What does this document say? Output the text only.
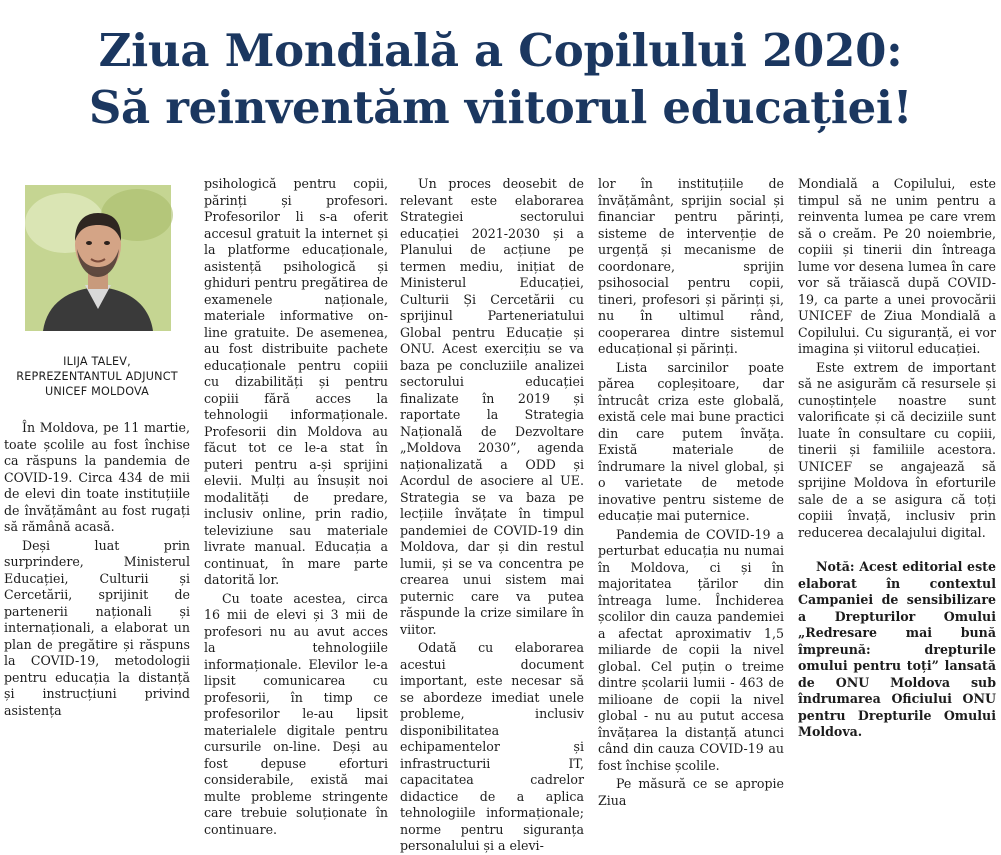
Ziua Mondială a Copilului 2020:
Să reinventăm viitorul educației!
ILIJA TALEV,
REPREZENTANTUL ADJUNCT
UNICEF MOLDOVA

În Moldova, pe 11 martie, toate școlile au fost închise ca răspuns la pandemia de COVID-19. Circa 434 de mii de elevi din toate instituțiile de învățământ au fost rugați să rămână acasă.

Deși luat prin surprindere, Ministerul Educației, Culturii și Cercetării, sprijinit de partenerii naționali și internaționali, a elaborat un plan de pregătire și răspuns la COVID-19, metodologii pentru educația la distanță și instrucțiuni privind asistența

psihologică pentru copii, părinți și profesori. Profesorilor li s-a oferit accesul gratuit la internet și la platforme educaționale, asistență psihologică și ghiduri pentru pregătirea de examenele naționale, materiale informative on-line gratuite. De asemenea, au fost distribuite pachete educaționale pentru copiii cu dizabilități și pentru copiii fără acces la tehnologii informaționale. Profesorii din Moldova au făcut tot ce le-a stat în puteri pentru a-și sprijini elevii. Mulți au însușit noi modalități de predare, inclusiv online, prin radio, televiziune sau materiale livrate manual. Educația a continuat, în mare parte datorită lor.

Cu toate acestea, circa 16 mii de elevi și 3 mii de profesori nu au avut acces la tehnologiile informaționale. Elevilor le-a lipsit comunicarea cu profesorii, în timp ce profesorilor le-au lipsit materialele digitale pentru cursurile on-line. Deși au fost depuse eforturi considerabile, există mai multe probleme stringente care trebuie soluționate în continuare.

Un proces deosebit de relevant este elaborarea Strategiei sectorului educației 2021-2030 și a Planului de acțiune pe termen mediu, inițiat de Ministerul Educației, Culturii Și Cercetării cu sprijinul Parteneriatului Global pentru Educație și ONU. Acest exercițiu se va baza pe concluziile analizei sectorului educației finalizate în 2019 și raportate la Strategia Națională de Dezvoltare „Moldova 2030”, agenda naționalizată a ODD și Acordul de asociere al UE. Strategia se va baza pe lecțiile învățate în timpul pandemiei de COVID-19 din Moldova, dar și din restul lumii, și se va concentra pe crearea unui sistem mai puternic care va putea răspunde la crize similare în viitor.

Odată cu elaborarea acestui document important, este necesar să se abordeze imediat unele probleme, inclusiv disponibilitatea echipamentelor și infrastructurii IT, capacitatea cadrelor didactice de a aplica tehnologiile informaționale; norme pentru siguranța personalului și a elevi-

lor în instituțiile de învățământ, sprijin social și financiar pentru părinți, sisteme de intervenție de urgență și mecanisme de coordonare, sprijin psihosocial pentru copii, tineri, profesori și părinți și, nu în ultimul rând, cooperarea dintre sistemul educațional și părinți.

Lista sarcinilor poate părea copleșitoare, dar întrucât criza este globală, există cele mai bune practici din care putem învăța. Există materiale de îndrumare la nivel global, și o varietate de metode inovative pentru sisteme de educație mai puternice.

Pandemia de COVID-19 a perturbat educația nu numai în Moldova, ci și în majoritatea țărilor din întreaga lume. Închiderea școlilor din cauza pandemiei a afectat aproximativ 1,5 miliarde de copii la nivel global. Cel puțin o treime dintre școlarii lumii - 463 de milioane de copii la nivel global - nu au putut accesa învățarea la distanță atunci când din cauza COVID-19 au fost închise școlile.

Pe măsură ce se apropie Ziua

Mondială a Copilului, este timpul să ne unim pentru a reinventa lumea pe care vrem să o creăm. Pe 20 noiembrie, copiii și tinerii din întreaga lume vor desena lumea în care vor să trăiască după COVID-19, ca parte a unei provocării UNICEF de Ziua Mondială a Copilului. Cu siguranță, ei vor imagina și viitorul educației.

Este extrem de important să ne asigurăm că resursele și cunoștințele noastre sunt valorificate și că deciziile sunt luate în consultare cu copiii, tinerii și familiile acestora. UNICEF se angajează să sprijine Moldova în eforturile sale de a se asigura că toți copiii învață, inclusiv prin reducerea decalajului digital.

Notă: Acest editorial este elaborat în contextul Campaniei de sensibilizare a Drepturilor Omului „Redresare mai bună împreună: drepturile omului pentru toți” lansată de ONU Moldova sub îndrumarea Oficiului ONU pentru Drepturile Omului Moldova.
